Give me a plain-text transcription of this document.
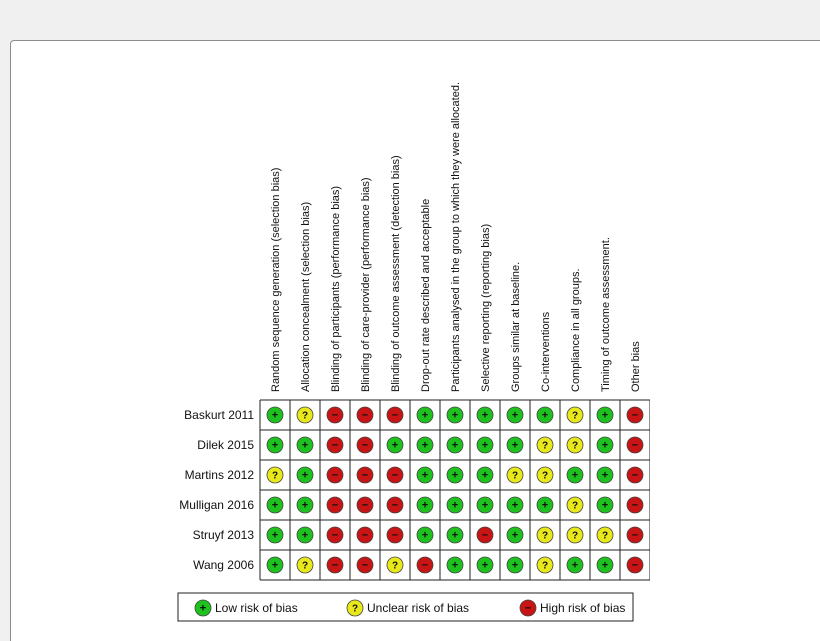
Random sequence generation (selection bias) Allocation concealment (selection bias) Blinding of participants (performance bias) Blinding of care-provider (performance bias) Blinding of outcome assessment (detection bias) Drop-out rate described and acceptable Participants analysed in the group to which they were allocated. Selective reporting (reporting bias) Groups similar at baseline. Co-interventions Compliance in all groups. Timing of outcome assessment. Other bias
Baskurt 2011
Dilek 2015
Martins 2012
Mulligan 2016
Struyf 2013
Wang 2006
+ ? − − − + + + + + ? + −
+ + − − + + + + + ? ? + −
? + − − − + + + ? ? + + −
+ + − − − + + + + + ? + −
+ + − − − + + − + ? ? ? −
+ ? − − ? − + + + ? + + −
+ Low risk of bias	? Unclear risk of bias	− High risk of bias
